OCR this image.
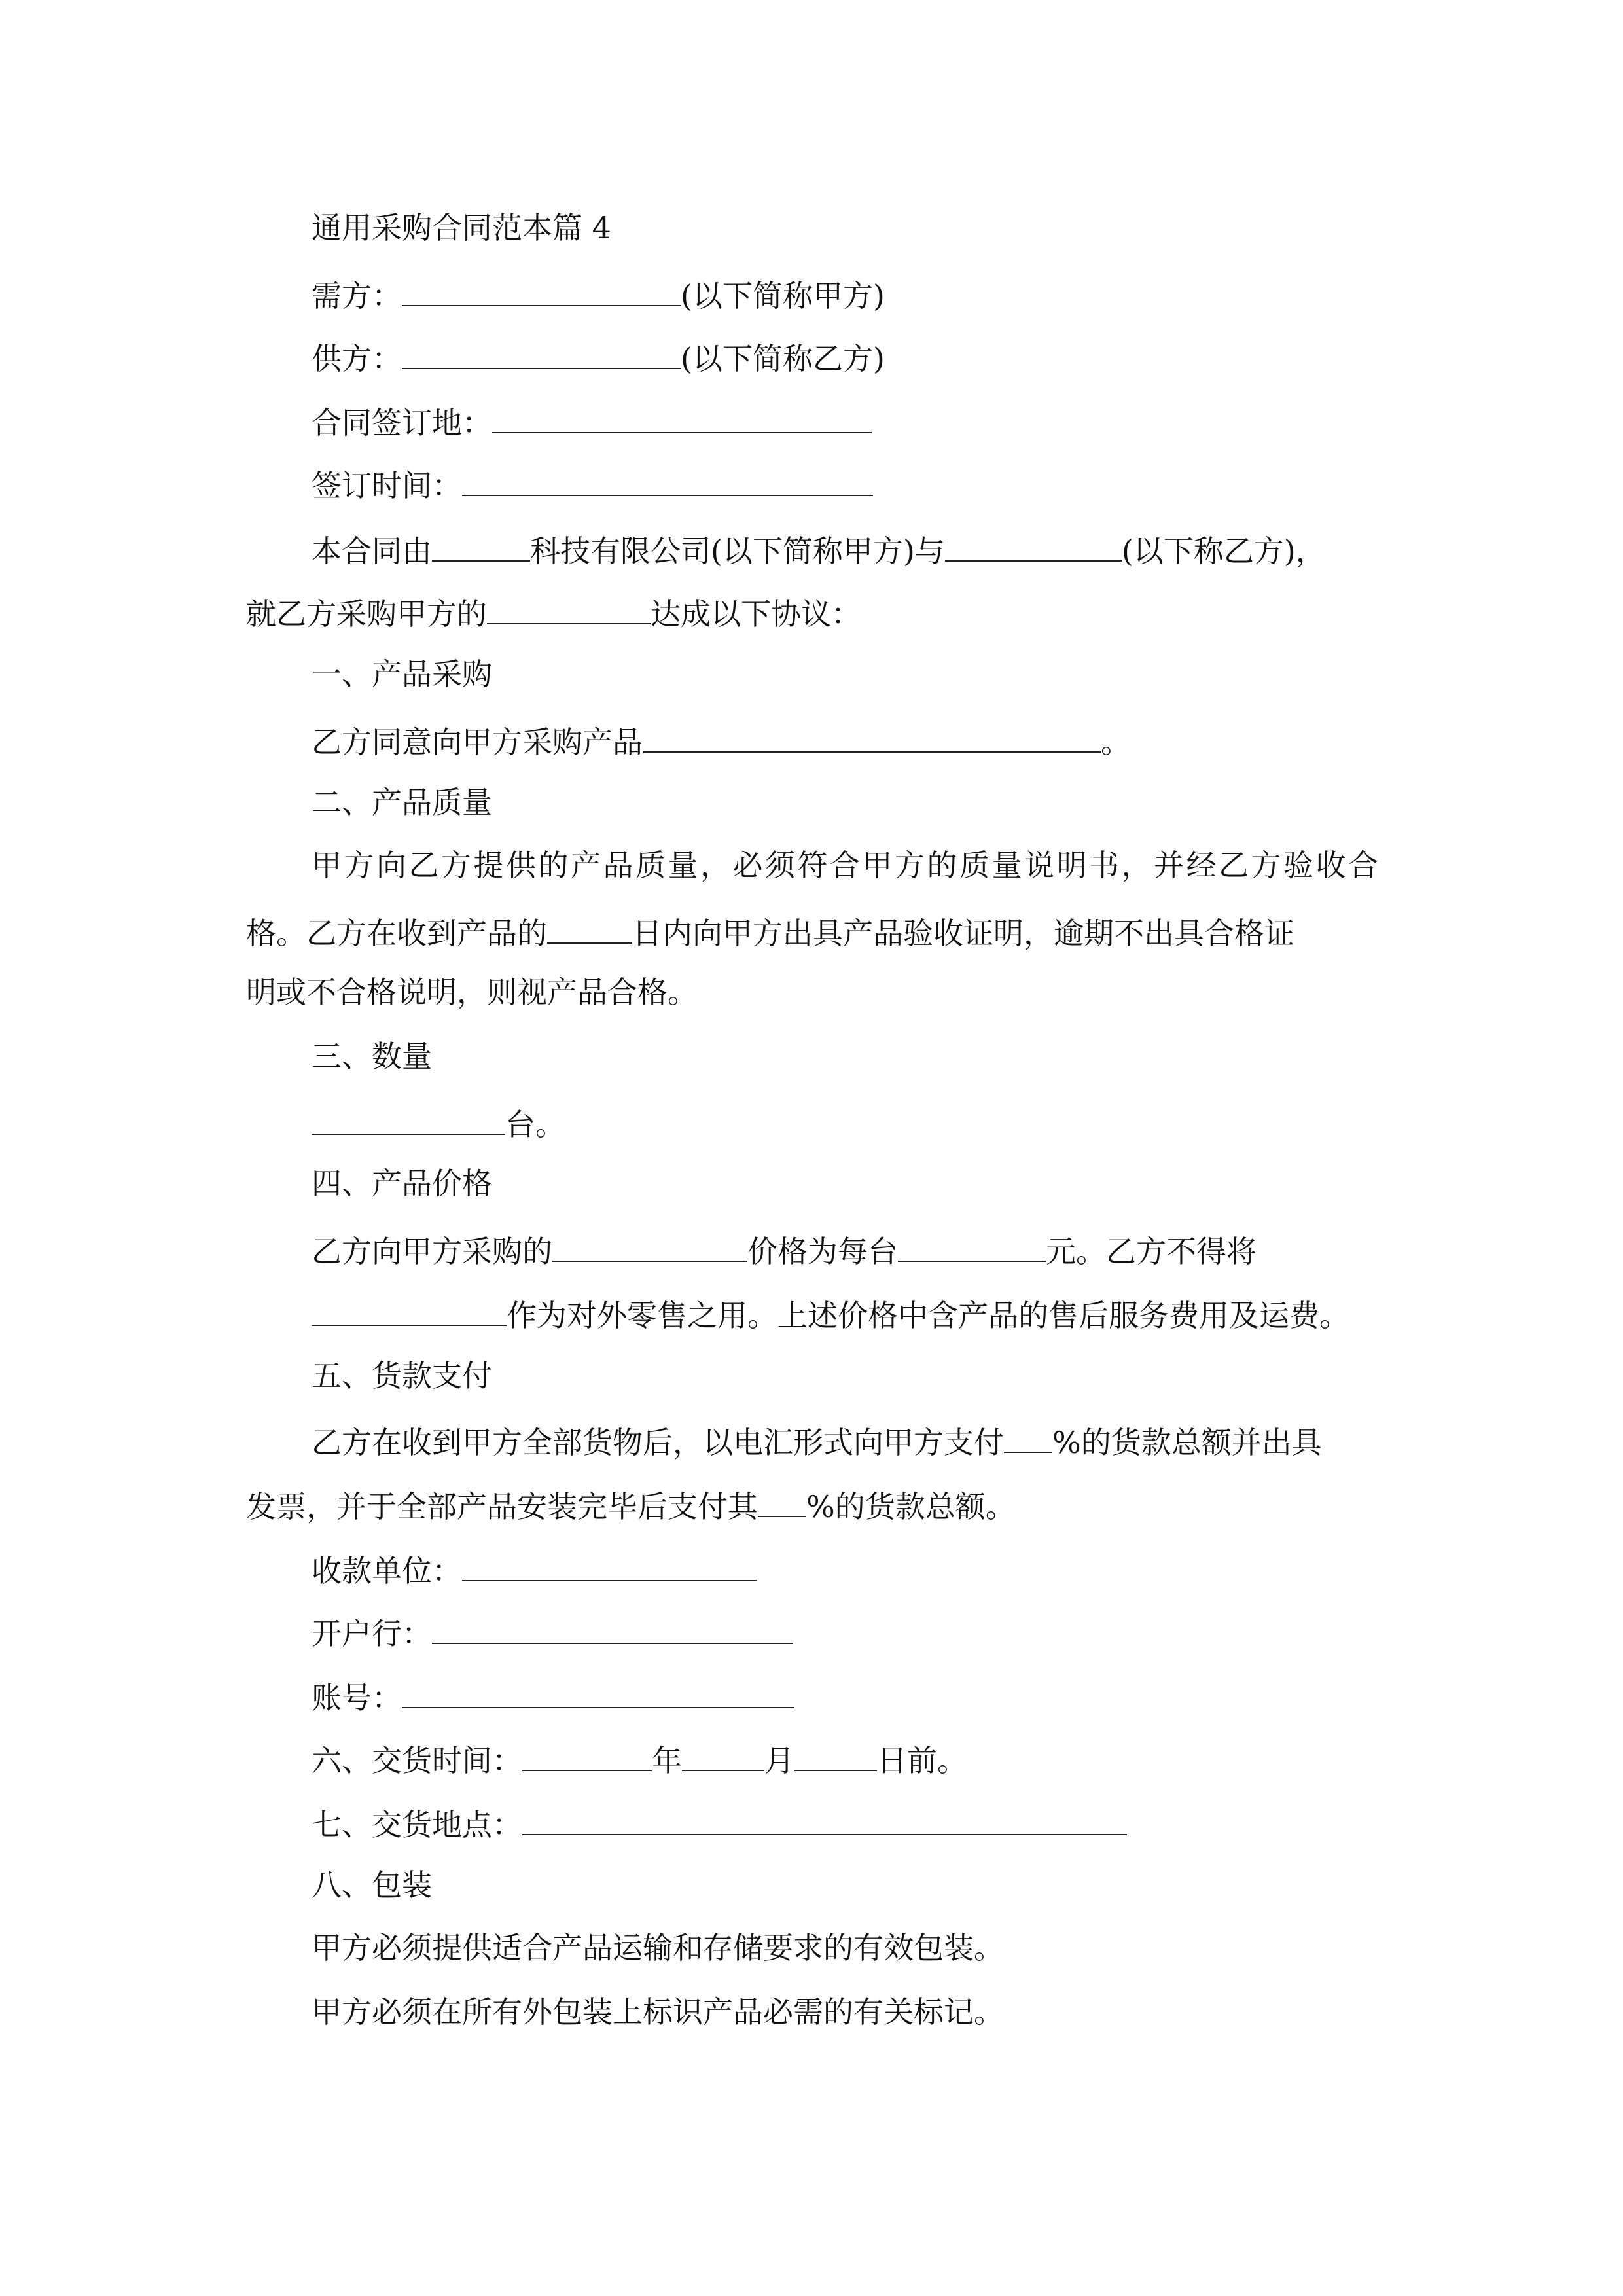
通用采购合同范本篇 4
需方：	(以下简称甲方)
供方：	(以下简称乙方)
合同签订地：
签订时间：
本合同由	科技有限公司(以下简称甲方)与	(以下称乙方)，
就乙方采购甲方的	达成以下协议：
一、产品采购
乙方同意向甲方采购产品	。
二、产品质量
甲方向乙方提供的产品质量，必须符合甲方的质量说明书，并经乙方验收合
格。乙方在收到产品的	日内向甲方出具产品验收证明，逾期不出具合格证
明或不合格说明，则视产品合格。
三、数量
台。
四、产品价格
乙方向甲方采购的	价格为每台	元。乙方不得将
作为对外零售之用。上述价格中含产品的售后服务费用及运费。
五、货款支付
乙方在收到甲方全部货物后，以电汇形式向甲方支付 %的货款总额并出具
发票，并于全部产品安装完毕后支付其 %的货款总额。
收款单位：
开户行：
账号：
六、交货时间：	年	月	日前。
七、交货地点：
八、包装
甲方必须提供适合产品运输和存储要求的有效包装。
甲方必须在所有外包装上标识产品必需的有关标记。
